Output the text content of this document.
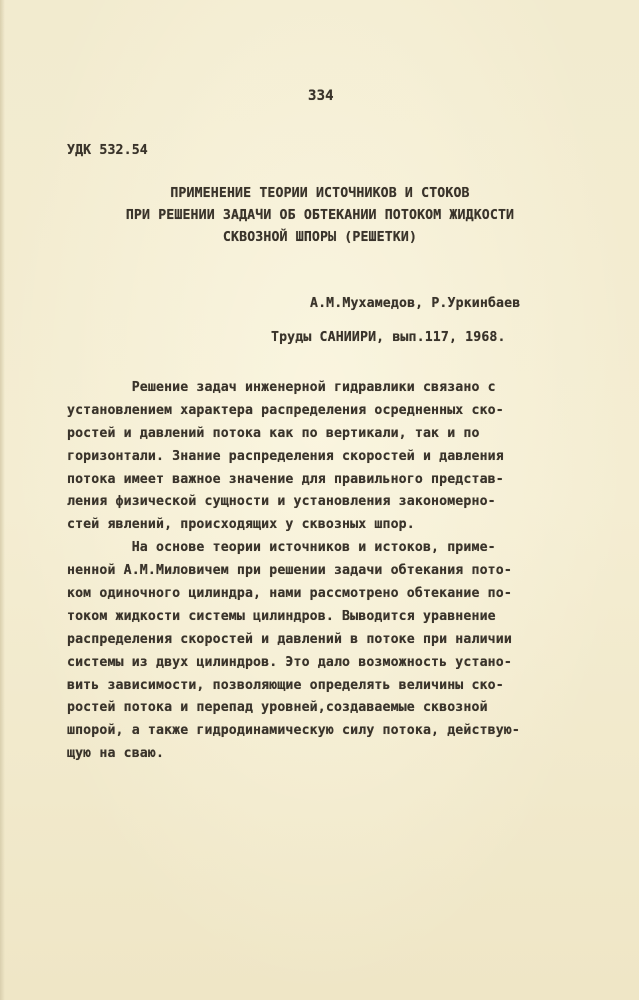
334
УДК 532.54
ПРИМЕНЕНИЕ ТЕОРИИ ИСТОЧНИКОВ И СТОКОВ
ПРИ РЕШЕНИИ ЗАДАЧИ ОБ ОБТЕКАНИИ ПОТОКОМ ЖИДКОСТИ
СКВОЗНОЙ ШПОРЫ (РЕШЕТКИ)
А.М.Мухамедов, Р.Уркинбаев
Труды САНИИРИ, вып.117, 1968.
Решение задач инженерной гидравлики связано с
установлением характера распределения осредненных ско-
ростей и давлений потока как по вертикали, так и по
горизонтали. Знание распределения скоростей и давления
потока имеет важное значение для правильного представ-
ления физической сущности и установления закономерно-
стей явлений, происходящих у сквозных шпор.
На основе теории источников и истоков, приме-
ненной А.М.Миловичем при решении задачи обтекания пото-
ком одиночного цилиндра, нами рассмотрено обтекание по-
током жидкости системы цилиндров. Выводится уравнение
распределения скоростей и давлений в потоке при наличии
системы из двух цилиндров. Это дало возможность устано-
вить зависимости, позволяющие определять величины ско-
ростей потока и перепад уровней,создаваемые сквозной
шпорой, а также гидродинамическую силу потока, действую-
щую на сваю.
